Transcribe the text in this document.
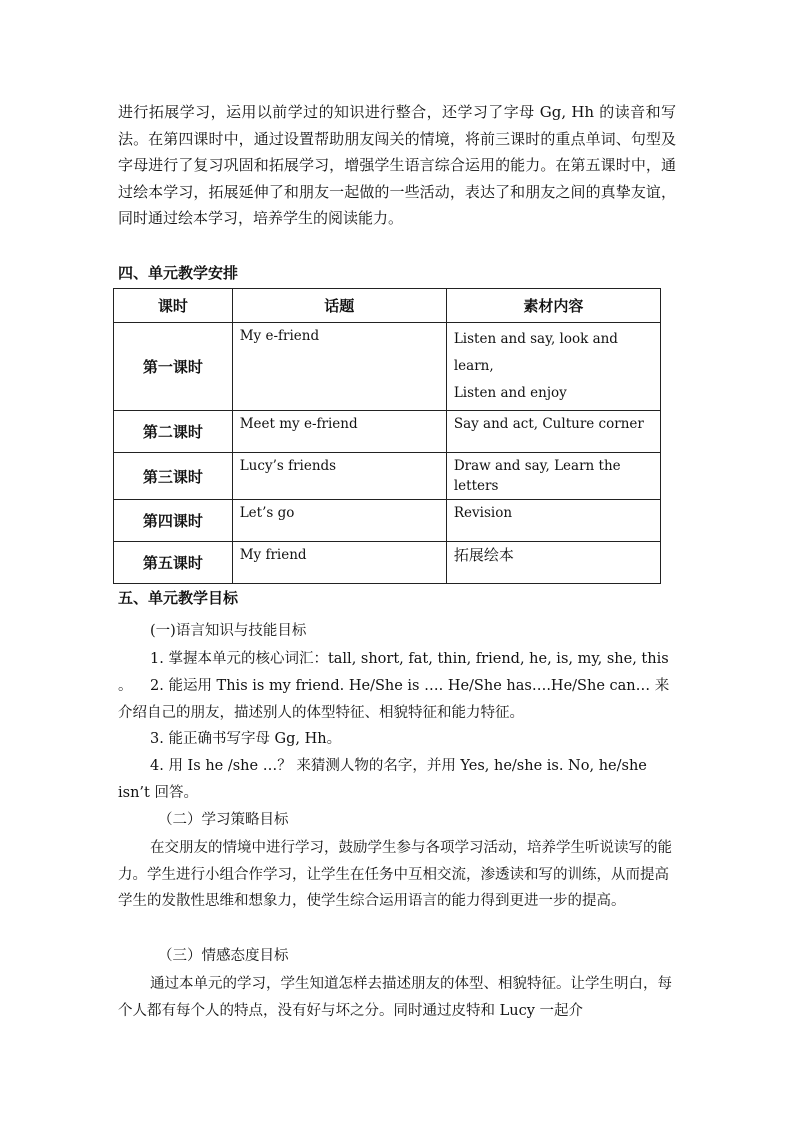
进行拓展学习，运用以前学过的知识进行整合，还学习了字母 Gg, Hh 的读音和写法。在第四课时中，通过设置帮助朋友闯关的情境，将前三课时的重点单词、句型及字母进行了复习巩固和拓展学习，增强学生语言综合运用的能力。在第五课时中，通过绘本学习，拓展延伸了和朋友一起做的一些活动，表达了和朋友之间的真挚友谊，同时通过绘本学习，培养学生的阅读能力。

四、单元教学安排

课时	话题	素材内容
第一课时	My e-friend	Listen and say, look and learn,
Listen and enjoy

第二课时	Meet my e-friend	Say and act, Culture corner
第三课时	Lucy’s friends	Draw and say, Learn the letters
第四课时	Let’s go	Revision
第五课时	My friend	拓展绘本

五、单元教学目标

(一)语言知识与技能目标

1. 掌握本单元的核心词汇：tall, short, fat, thin, friend, he, is, my, she, this 。	2. 能运用 This is my friend. He/She is …. He/She has….He/She can… 来介绍自己的朋友，描述别人的体型特征、相貌特征和能力特征。

3. 能正确书写字母 Gg, Hh。

4. 用 Is he /she …？ 来猜测人物的名字，并用 Yes, he/she is. No, he/she isn’t 回答。

（二）学习策略目标

在交朋友的情境中进行学习，鼓励学生参与各项学习活动，培养学生听说读写的能力。学生进行小组合作学习，让学生在任务中互相交流，渗透读和写的训练，从而提高学生的发散性思维和想象力，使学生综合运用语言的能力得到更进一步的提高。

（三）情感态度目标

通过本单元的学习，学生知道怎样去描述朋友的体型、相貌特征。让学生明白，每个人都有每个人的特点，没有好与坏之分。同时通过皮特和 Lucy 一起介
